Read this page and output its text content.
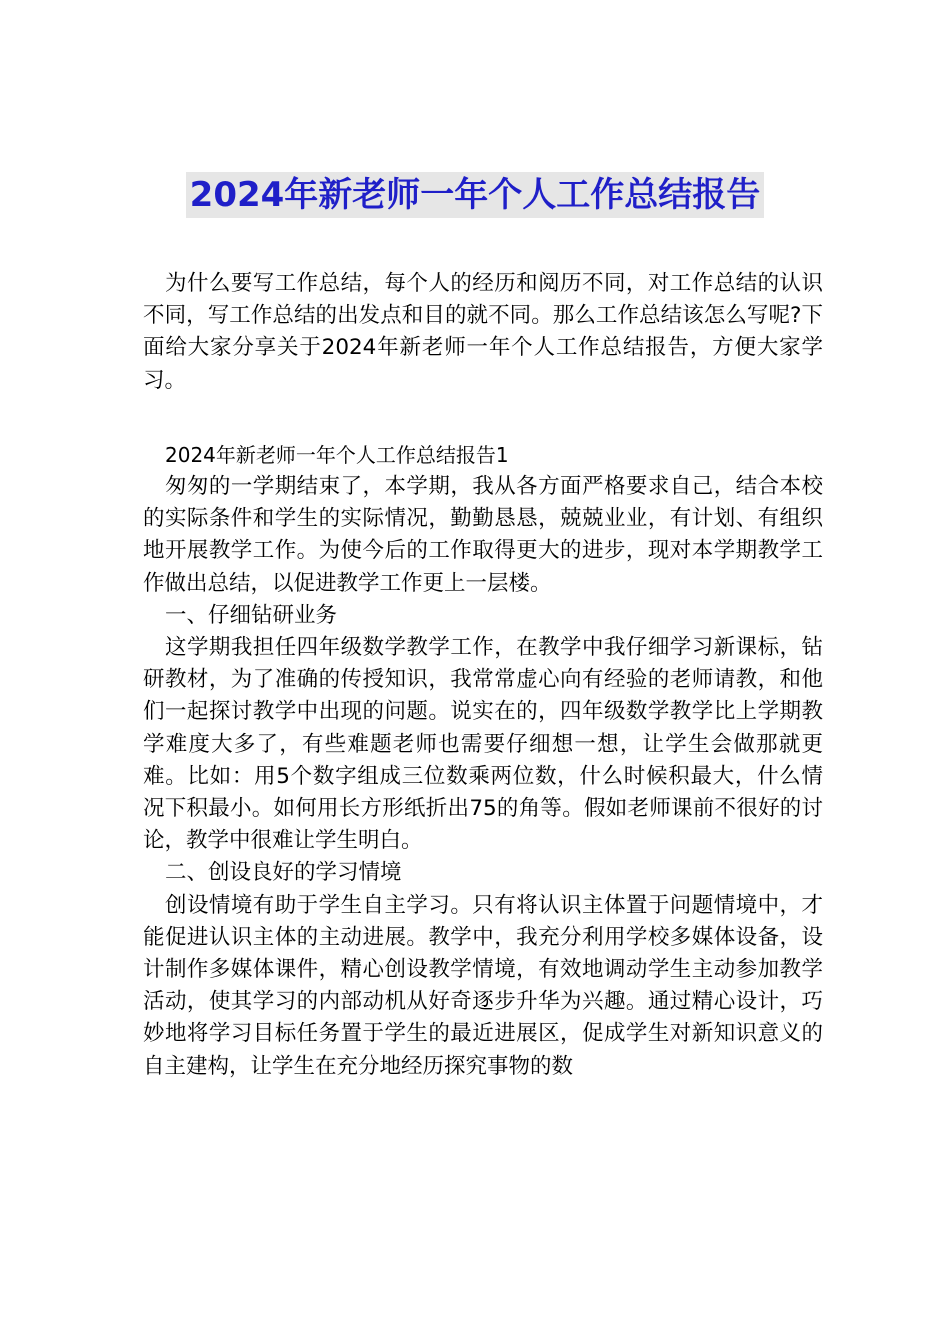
2024年新老师一年个人工作总结报告

为什么要写工作总结，每个人的经历和阅历不同，对工作总结的认识不同，写工作总结的出发点和目的就不同。那么工作总结该怎么写呢?下面给大家分享关于2024年新老师一年个人工作总结报告，方便大家学习。

2024年新老师一年个人工作总结报告1

匆匆的一学期结束了，本学期，我从各方面严格要求自己，结合本校的实际条件和学生的实际情况，勤勤恳恳，兢兢业业，有计划、有组织地开展教学工作。为使今后的工作取得更大的进步，现对本学期教学工作做出总结，以促进教学工作更上一层楼。

一、仔细钻研业务

这学期我担任四年级数学教学工作，在教学中我仔细学习新课标，钻研教材，为了准确的传授知识，我常常虚心向有经验的老师请教，和他们一起探讨教学中出现的问题。说实在的，四年级数学教学比上学期教学难度大多了，有些难题老师也需要仔细想一想，让学生会做那就更难。比如：用5个数字组成三位数乘两位数，什么时候积最大，什么情况下积最小。如何用长方形纸折出75的角等。假如老师课前不很好的讨论，教学中很难让学生明白。

二、创设良好的学习情境

创设情境有助于学生自主学习。只有将认识主体置于问题情境中，才能促进认识主体的主动进展。教学中，我充分利用学校多媒体设备，设计制作多媒体课件，精心创设教学情境，有效地调动学生主动参加教学活动，使其学习的内部动机从好奇逐步升华为兴趣。通过精心设计，巧妙地将学习目标任务置于学生的最近进展区，促成学生对新知识意义的自主建构，让学生在充分地经历探究事物的数
